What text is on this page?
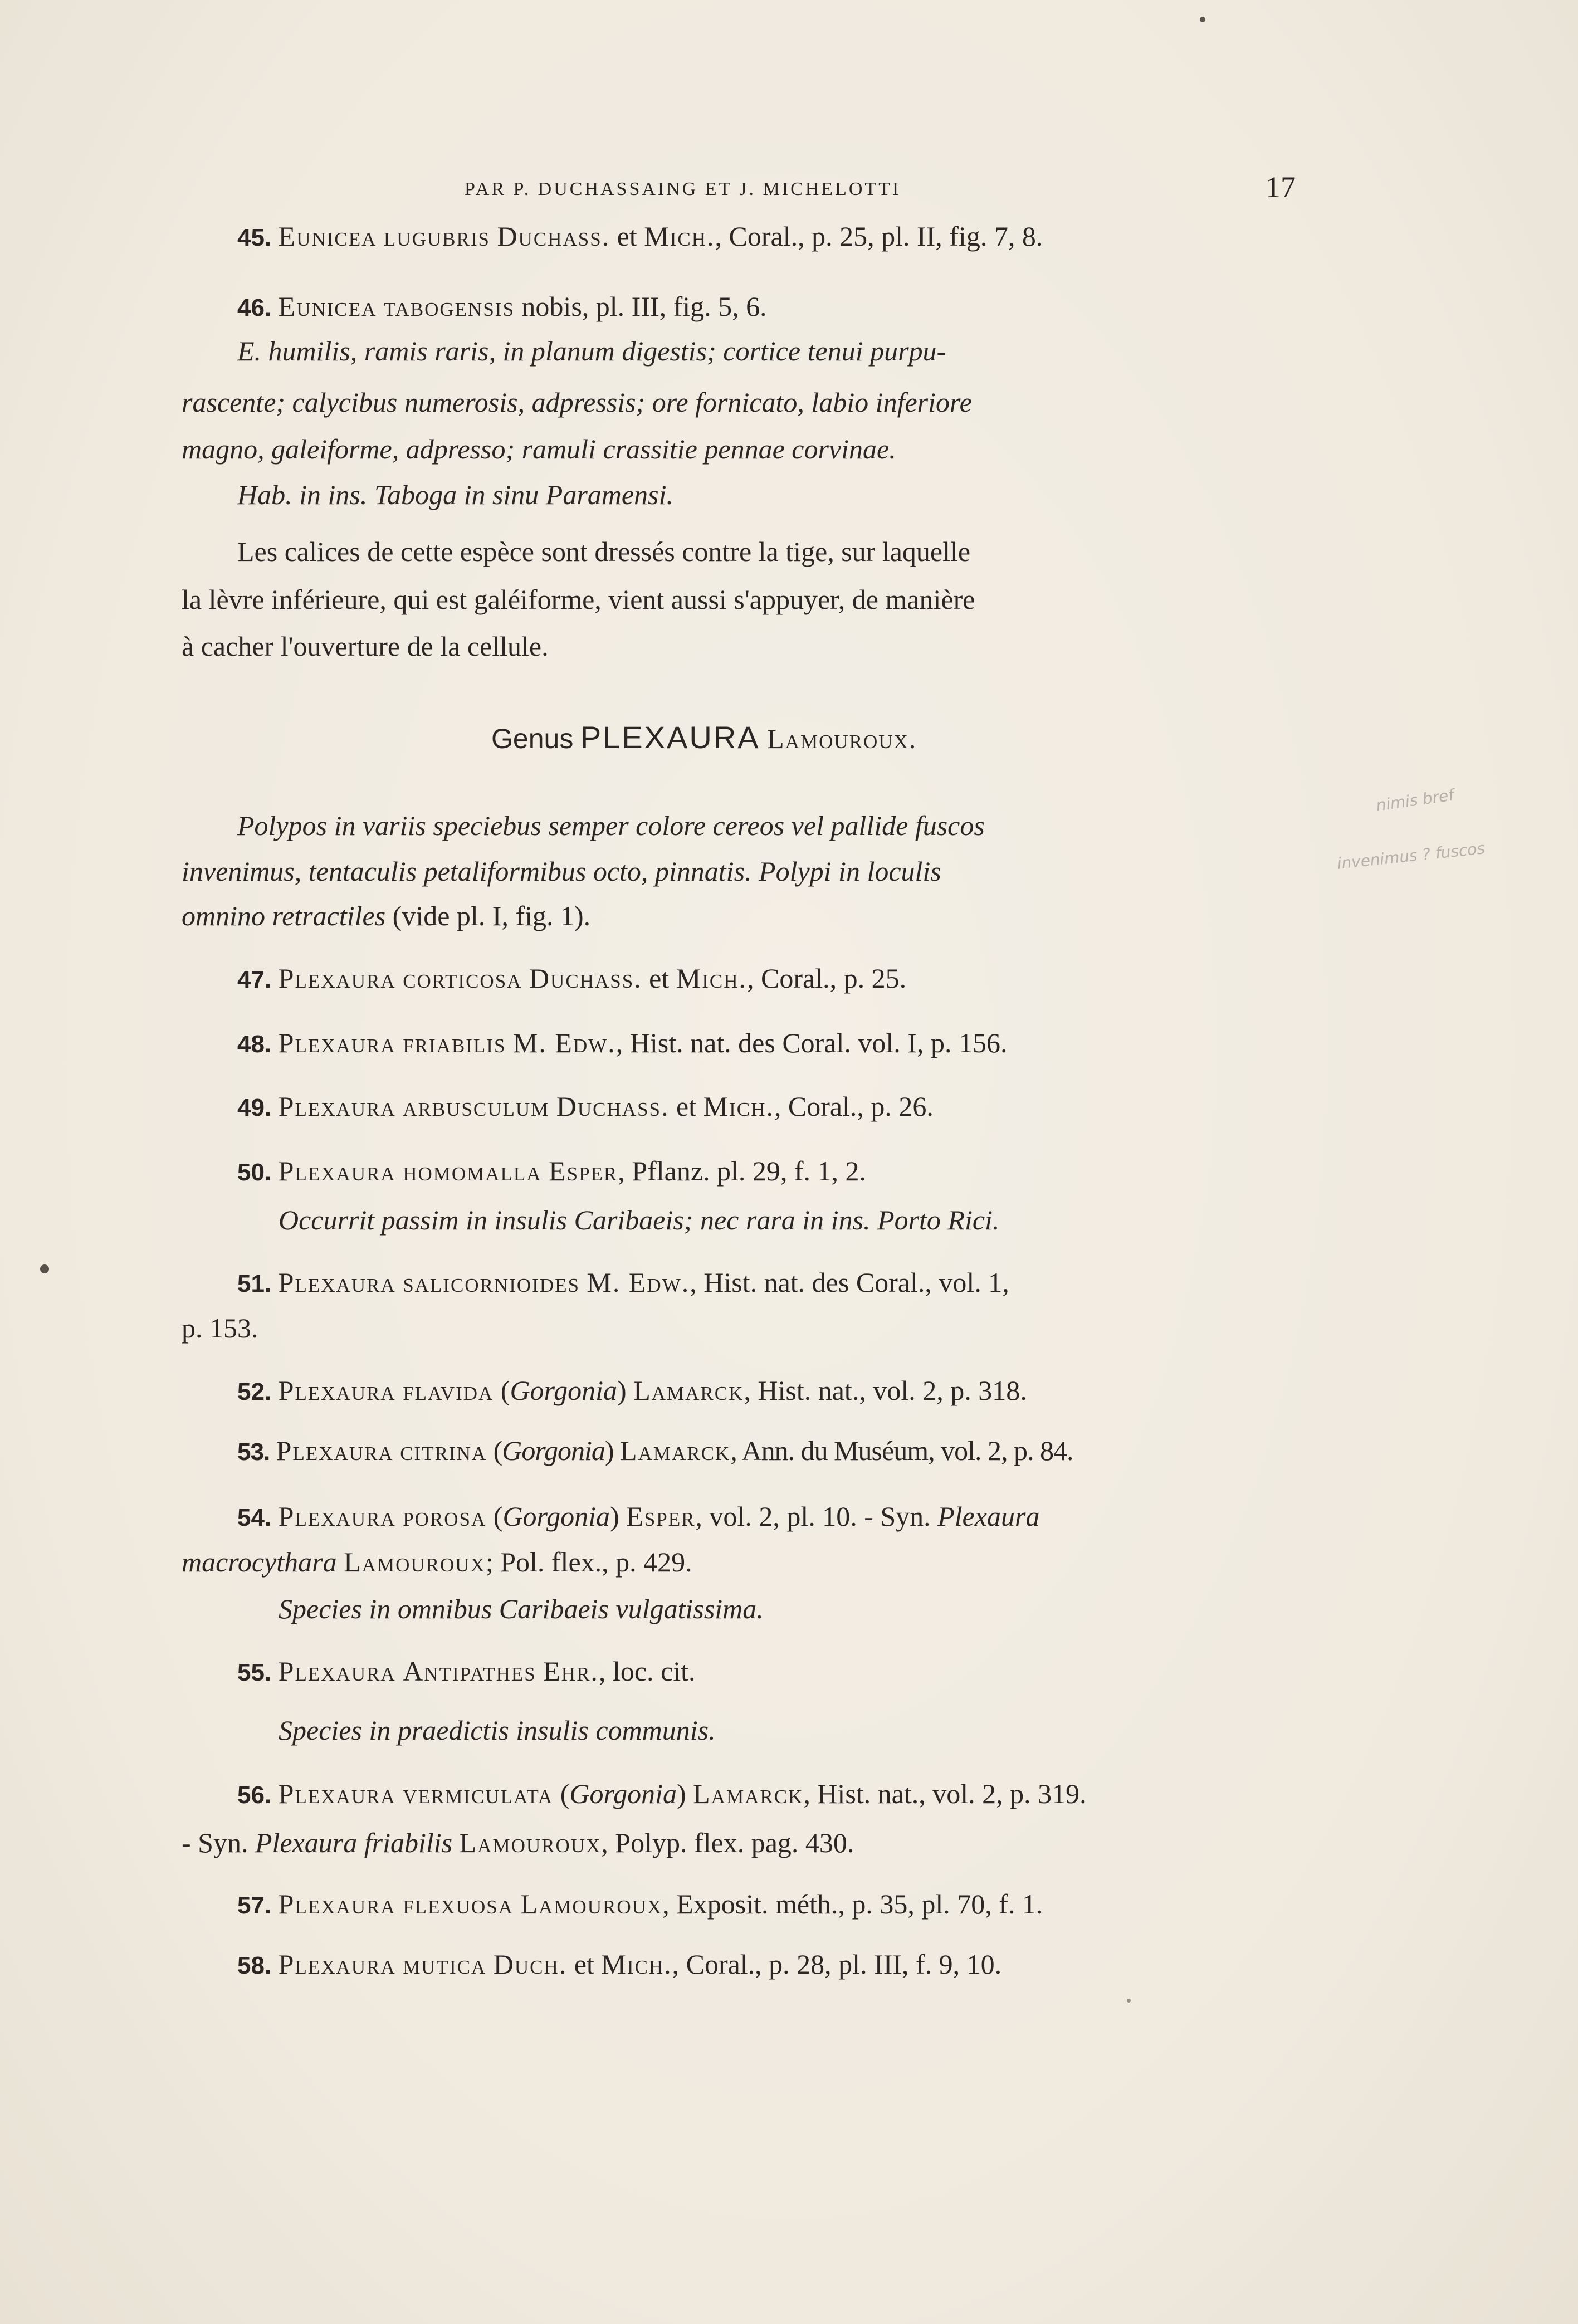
PAR P. DUCHASSAING ET J. MICHELOTTI	17
45. Eunicea lugubris Duchass. et Mich., Coral., p. 25, pl. II, fig. 7, 8.
46. Eunicea tabogensis nobis, pl. III, fig. 5, 6.
E. humilis, ramis raris, in planum digestis; cortice tenui purpu-
rascente; calycibus numerosis, adpressis; ore fornicato, labio inferiore
magno, galeiforme, adpresso; ramuli crassitie pennae corvinae.
Hab. in ins. Taboga in sinu Paramensi.
Les calices de cette espèce sont dressés contre la tige, sur laquelle
la lèvre inférieure, qui est galéiforme, vient aussi s'appuyer, de manière
à cacher l'ouverture de la cellule.
Genus PLEXAURA Lamouroux.
Polypos in variis speciebus semper colore cereos vel pallide fuscos
invenimus, tentaculis petaliformibus octo, pinnatis. Polypi in loculis
omnino retractiles (vide pl. I, fig. 1).
47. Plexaura corticosa Duchass. et Mich., Coral., p. 25.
48. Plexaura friabilis M. Edw., Hist. nat. des Coral. vol. I, p. 156.
49. Plexaura arbusculum Duchass. et Mich., Coral., p. 26.
50. Plexaura homomalla Esper, Pflanz. pl. 29, f. 1, 2.
Occurrit passim in insulis Caribaeis; nec rara in ins. Porto Rici.
51. Plexaura salicornioides M. Edw., Hist. nat. des Coral., vol. 1,
p. 153.
52. Plexaura flavida (Gorgonia) Lamarck, Hist. nat., vol. 2, p. 318.
53. Plexaura citrina (Gorgonia) Lamarck, Ann. du Muséum, vol. 2, p. 84.
54. Plexaura porosa (Gorgonia) Esper, vol. 2, pl. 10. - Syn. Plexaura
macrocythara Lamouroux; Pol. flex., p. 429.
Species in omnibus Caribaeis vulgatissima.
55. Plexaura Antipathes Ehr., loc. cit.
Species in praedictis insulis communis.
56. Plexaura vermiculata (Gorgonia) Lamarck, Hist. nat., vol. 2, p. 319.
- Syn. Plexaura friabilis Lamouroux, Polyp. flex. pag. 430.
57. Plexaura flexuosa Lamouroux, Exposit. méth., p. 35, pl. 70, f. 1.
58. Plexaura mutica Duch. et Mich., Coral., p. 28, pl. III, f. 9, 10.
nimis bref
invenimus ? fuscos
